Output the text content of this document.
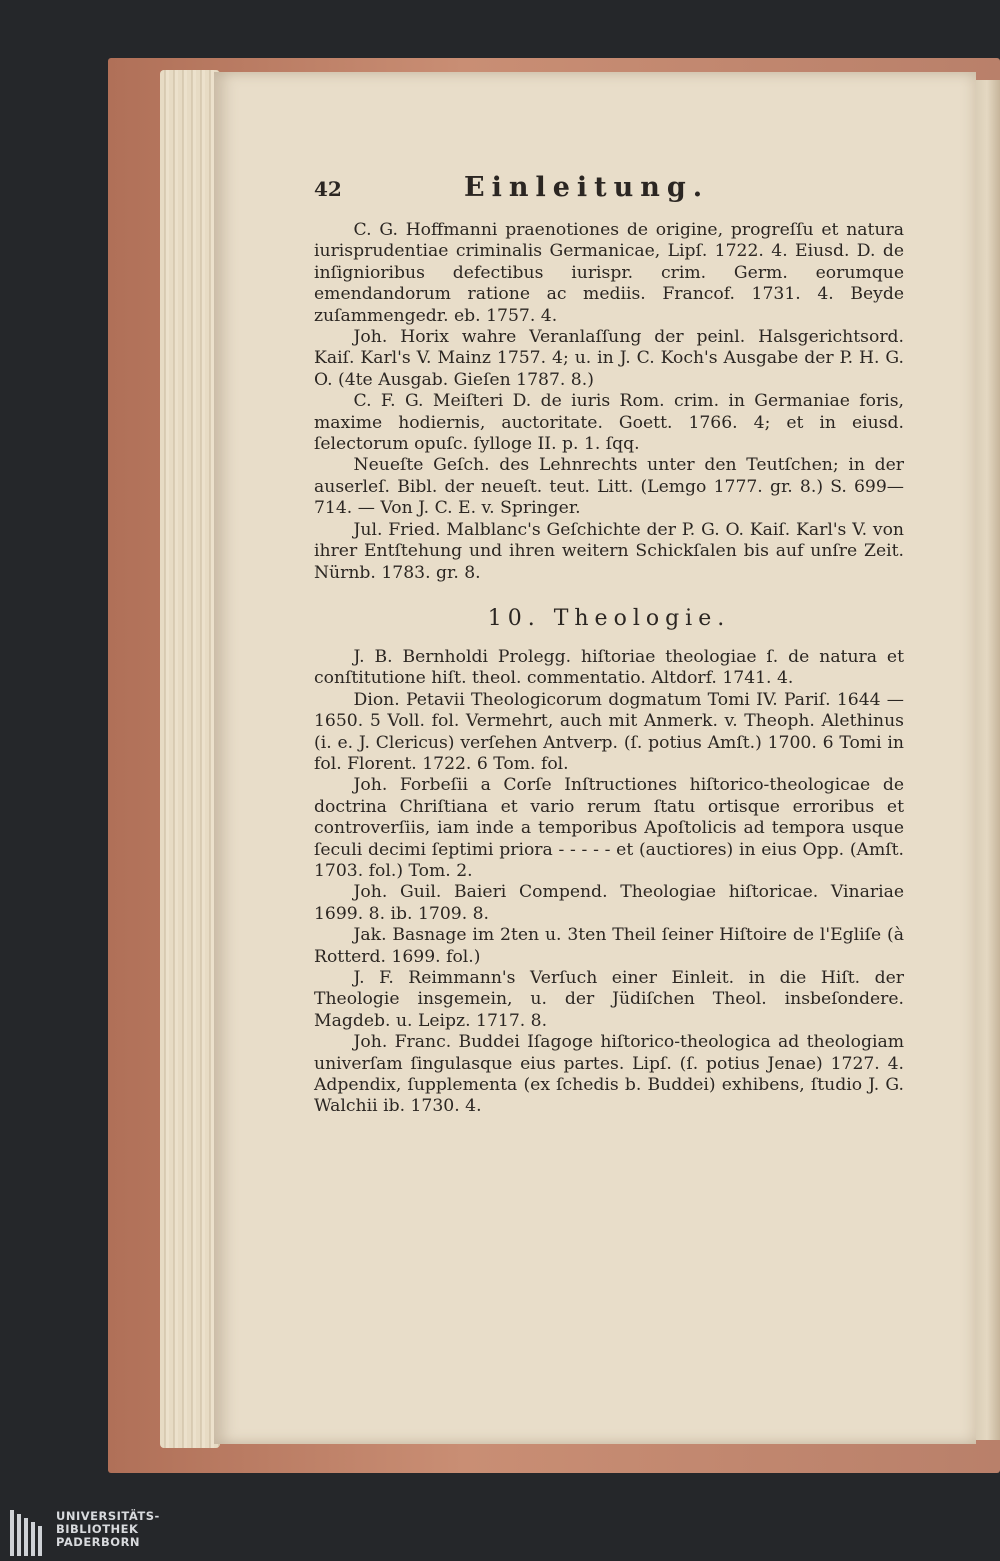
42	Einleitung.

C. G. Hoffmanni praenotiones de origine, progreſſu et natura iurisprudentiae criminalis Germanicae, Lipſ. 1722. 4. Eiusd. D. de inſignioribus defectibus iurispr. crim. Germ. eorumque emendandorum ratione ac mediis. Francof. 1731. 4. Beyde zuſammengedr. eb. 1757. 4.

Joh. Horix wahre Veranlaſſung der peinl. Halsgerichtsord. Kaiſ. Karl's V. Mainz 1757. 4; u. in J. C. Koch's Ausgabe der P. H. G. O. (4te Ausgab. Gieſen 1787. 8.)

C. F. G. Meiſteri D. de iuris Rom. crim. in Germaniae foris, maxime hodiernis, auctoritate. Goett. 1766. 4; et in eiusd. ſelectorum opuſc. ſylloge II. p. 1. ſqq.

Neueſte Geſch. des Lehnrechts unter den Teutſchen; in der auserleſ. Bibl. der neueſt. teut. Litt. (Lemgo 1777. gr. 8.) S. 699—714. — Von J. C. E. v. Springer.

Jul. Fried. Malblanc's Geſchichte der P. G. O. Kaiſ. Karl's V. von ihrer Entſtehung und ihren weitern Schickſalen bis auf unſre Zeit. Nürnb. 1783. gr. 8.

10. Theologie.

J. B. Bernholdi Prolegg. hiſtoriae theologiae ſ. de natura et conſtitutione hiſt. theol. commentatio. Altdorf. 1741. 4.

Dion. Petavii Theologicorum dogmatum Tomi IV. Pariſ. 1644 — 1650. 5 Voll. fol. Vermehrt, auch mit Anmerk. v. Theoph. Alethinus (i. e. J. Clericus) verſehen Antverp. (ſ. potius Amſt.) 1700. 6 Tomi in fol. Florent. 1722. 6 Tom. fol.

Joh. Forbeſii a Corſe Inſtructiones hiſtorico-theologicae de doctrina Chriſtiana et vario rerum ſtatu ortisque erroribus et controverſiis, iam inde a temporibus Apoſtolicis ad tempora usque ſeculi decimi ſeptimi priora - - - - - et (auctiores) in eius Opp. (Amſt. 1703. fol.) Tom. 2.

Joh. Guil. Baieri Compend. Theologiae hiſtoricae. Vinariae 1699. 8. ib. 1709. 8.

Jak. Basnage im 2ten u. 3ten Theil ſeiner Hiſtoire de l'Egliſe (à Rotterd. 1699. fol.)

J. F. Reimmann's Verſuch einer Einleit. in die Hiſt. der Theologie insgemein, u. der Jüdiſchen Theol. insbeſondere. Magdeb. u. Leipz. 1717. 8.

Joh. Franc. Buddei Iſagoge hiſtorico-theologica ad theologiam univerſam ſingulasque eius partes. Lipſ. (ſ. potius Jenae) 1727. 4. Adpendix, ſupplementa (ex ſchedis b. Buddei) exhibens, ſtudio J. G. Walchii ib. 1730. 4.

UNIVERSITÄTS-
BIBLIOTHEK
PADERBORN
